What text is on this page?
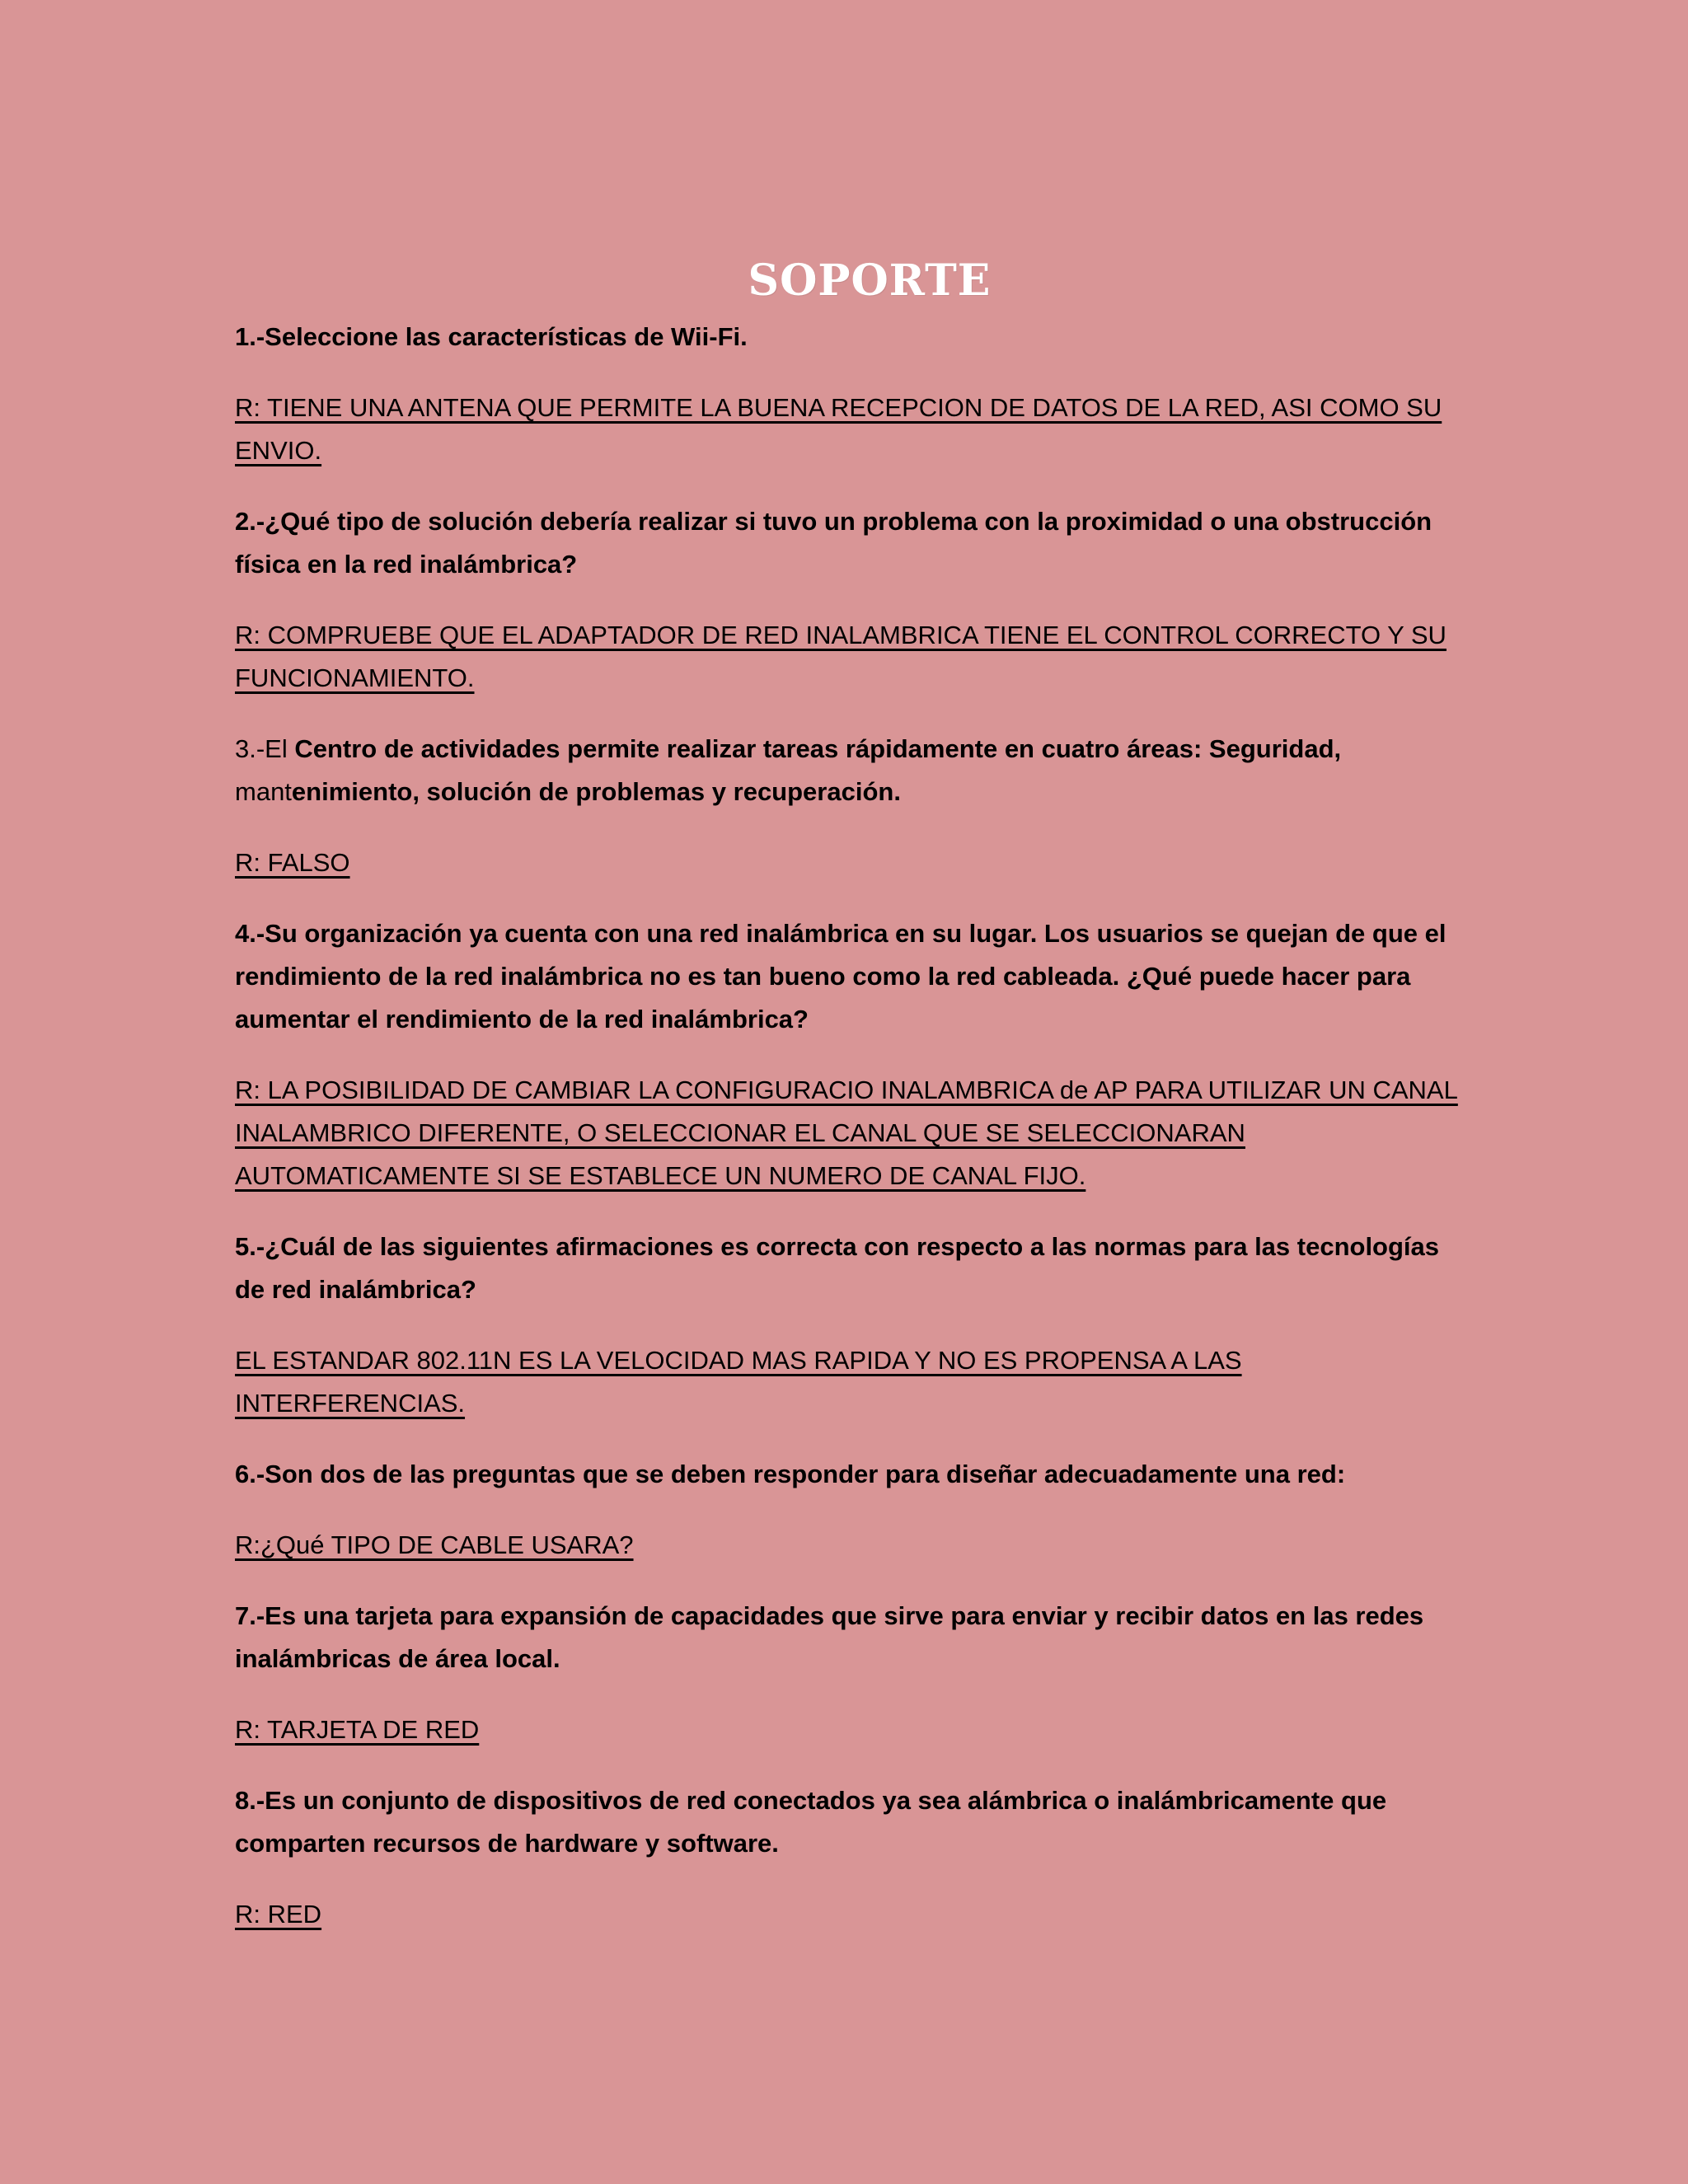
SOPORTE
1.-Seleccione las características de Wii-Fi.
R: TIENE UNA ANTENA QUE PERMITE LA BUENA RECEPCION DE DATOS DE LA RED, ASI COMO SU ENVIO.
2.-¿Qué tipo de solución debería realizar si tuvo un problema con la proximidad o una obstrucción física en la red inalámbrica?
R: COMPRUEBE QUE EL ADAPTADOR DE RED INALAMBRICA TIENE EL CONTROL CORRECTO Y SU FUNCIONAMIENTO.
3.-El Centro de actividades permite realizar tareas rápidamente en cuatro áreas: Seguridad, mantenimiento, solución de problemas y recuperación.
R: FALSO
4.-Su organización ya cuenta con una red inalámbrica en su lugar. Los usuarios se quejan de que el rendimiento de la red inalámbrica no es tan bueno como la red cableada. ¿Qué puede hacer para aumentar el rendimiento de la red inalámbrica?
R: LA POSIBILIDAD DE CAMBIAR LA CONFIGURACIO INALAMBRICA de AP PARA UTILIZAR UN CANAL INALAMBRICO DIFERENTE, O SELECCIONAR EL CANAL QUE SE SELECCIONARAN AUTOMATICAMENTE SI SE ESTABLECE UN NUMERO DE CANAL FIJO.
5.-¿Cuál de las siguientes afirmaciones es correcta con respecto a las normas para las tecnologías de red inalámbrica?
EL ESTANDAR 802.11N ES LA VELOCIDAD MAS RAPIDA Y NO ES PROPENSA A LAS INTERFERENCIAS.
6.-Son dos de las preguntas que se deben responder para diseñar adecuadamente una red:
R:¿Qué TIPO DE CABLE USARA?
7.-Es una tarjeta para expansión de capacidades que sirve para enviar y recibir datos en las redes inalámbricas de área local.
R: TARJETA DE RED
8.-Es un conjunto de dispositivos de red conectados ya sea alámbrica o inalámbricamente que comparten recursos de hardware y software.
R: RED
